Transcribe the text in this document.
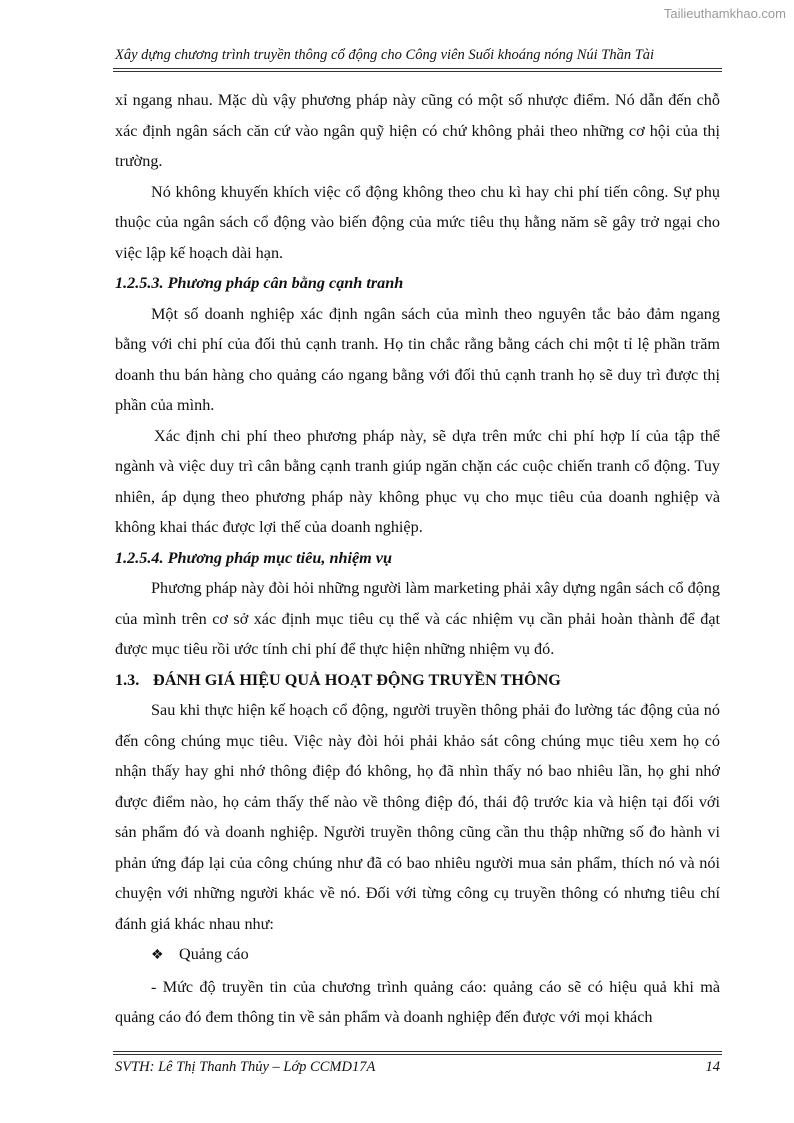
Tailieuthamkhao.com
Xây dựng chương trình truyền thông cổ động cho Công viên Suối khoáng nóng Núi Thần Tài

xỉ ngang nhau. Mặc dù vậy phương pháp này cũng có một số nhược điểm. Nó dẫn đến chỗ xác định ngân sách căn cứ vào ngân quỹ hiện có chứ không phải theo những cơ hội của thị trường.

Nó không khuyến khích việc cổ động không theo chu kì hay chi phí tiến công. Sự phụ thuộc của ngân sách cổ động vào biến động của mức tiêu thụ hằng năm sẽ gây trở ngại cho việc lập kế hoạch dài hạn.

1.2.5.3. Phương pháp cân bằng cạnh tranh

Một số doanh nghiệp xác định ngân sách của mình theo nguyên tắc bảo đảm ngang bằng với chi phí của đối thủ cạnh tranh. Họ tin chắc rằng bằng cách chi một tỉ lệ phần trăm doanh thu bán hàng cho quảng cáo ngang bằng với đối thủ cạnh tranh họ sẽ duy trì được thị phần của mình.

Xác định chi phí theo phương pháp này, sẽ dựa trên mức chi phí hợp lí của tập thể ngành và việc duy trì cân bằng cạnh tranh giúp ngăn chặn các cuộc chiến tranh cổ động. Tuy nhiên, áp dụng theo phương pháp này không phục vụ cho mục tiêu của doanh nghiệp và không khai thác được lợi thế của doanh nghiệp.

1.2.5.4. Phương pháp mục tiêu, nhiệm vụ

Phương pháp này đòi hỏi những người làm marketing phải xây dựng ngân sách cổ động của mình trên cơ sở xác định mục tiêu cụ thể và các nhiệm vụ cần phải hoàn thành để đạt được mục tiêu rồi ước tính chi phí để thực hiện những nhiệm vụ đó.

1.3. ĐÁNH GIÁ HIỆU QUẢ HOẠT ĐỘNG TRUYỀN THÔNG

Sau khi thực hiện kế hoạch cổ động, người truyền thông phải đo lường tác động của nó đến công chúng mục tiêu. Việc này đòi hỏi phải khảo sát công chúng mục tiêu xem họ có nhận thấy hay ghi nhớ thông điệp đó không, họ đã nhìn thấy nó bao nhiêu lần, họ ghi nhớ được điểm nào, họ cảm thấy thế nào về thông điệp đó, thái độ trước kia và hiện tại đối với sản phẩm đó và doanh nghiệp. Người truyền thông cũng cần thu thập những số đo hành vi phản ứng đáp lại của công chúng như đã có bao nhiêu người mua sản phẩm, thích nó và nói chuyện với những người khác về nó. Đối với từng công cụ truyền thông có nhưng tiêu chí đánh giá khác nhau như:

❖ Quảng cáo

- Mức độ truyền tin của chương trình quảng cáo: quảng cáo sẽ có hiệu quả khi mà quảng cáo đó đem thông tin về sản phẩm và doanh nghiệp đến được với mọi khách

SVTH: Lê Thị Thanh Thủy – Lớp CCMD17A	14
